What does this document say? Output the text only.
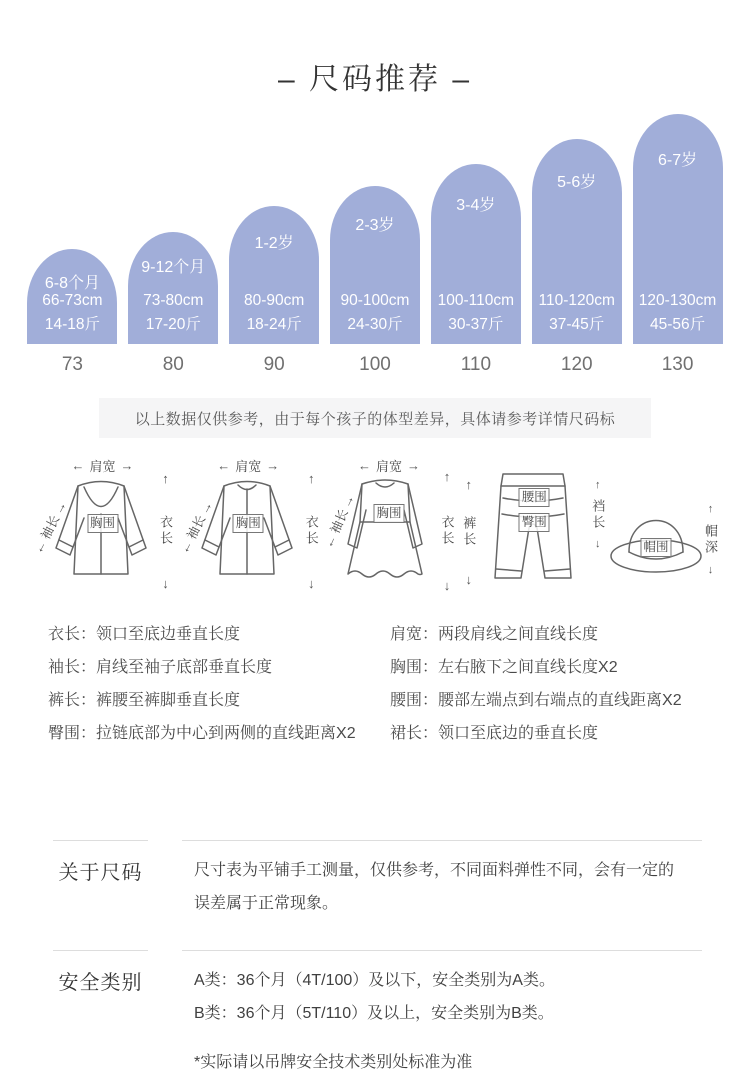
– 尺码推荐 –
6-8个月
66-73cm
14-18斤
9-12个月
73-80cm
17-20斤
1-2岁
80-90cm
18-24斤
2-3岁
90-100cm
24-30斤
3-4岁
100-110cm
30-37斤
5-6岁
110-120cm
37-45斤
6-7岁
120-130cm
45-56斤
73	80	90	100	110	120	130
以上数据仅供参考，由于每个孩子的体型差异，具体请参考详情尺码标
← 肩宽 →
←
袖长
→
胸围
↑
衣长
↓
← 肩宽 →
←
袖长
→
胸围
↑
衣长
↓
← 肩宽 →
←
袖长
→
胸围
↑
衣长
↓
↑
裤长
↓
腰围
臀围
↑
裆长
↓	帽围
↑
帽深
↓
衣长：领口至底边垂直长度
袖长：肩线至袖子底部垂直长度
裤长：裤腰至裤脚垂直长度
臀围：拉链底部为中心到两侧的直线距离X2
肩宽：两段肩线之间直线长度
胸围：左右腋下之间直线长度X2
腰围：腰部左端点到右端点的直线距离X2
裙长：领口至底边的垂直长度
关于尺码	尺寸表为平铺手工测量，仅供参考，不同面料弹性不同，会有一定的误差属于正常现象。
安全类别	A类：36个月（4T/100）及以下，安全类别为A类。
B类：36个月（5T/110）及以上，安全类别为B类。
*实际请以吊牌安全技术类别处标准为准
